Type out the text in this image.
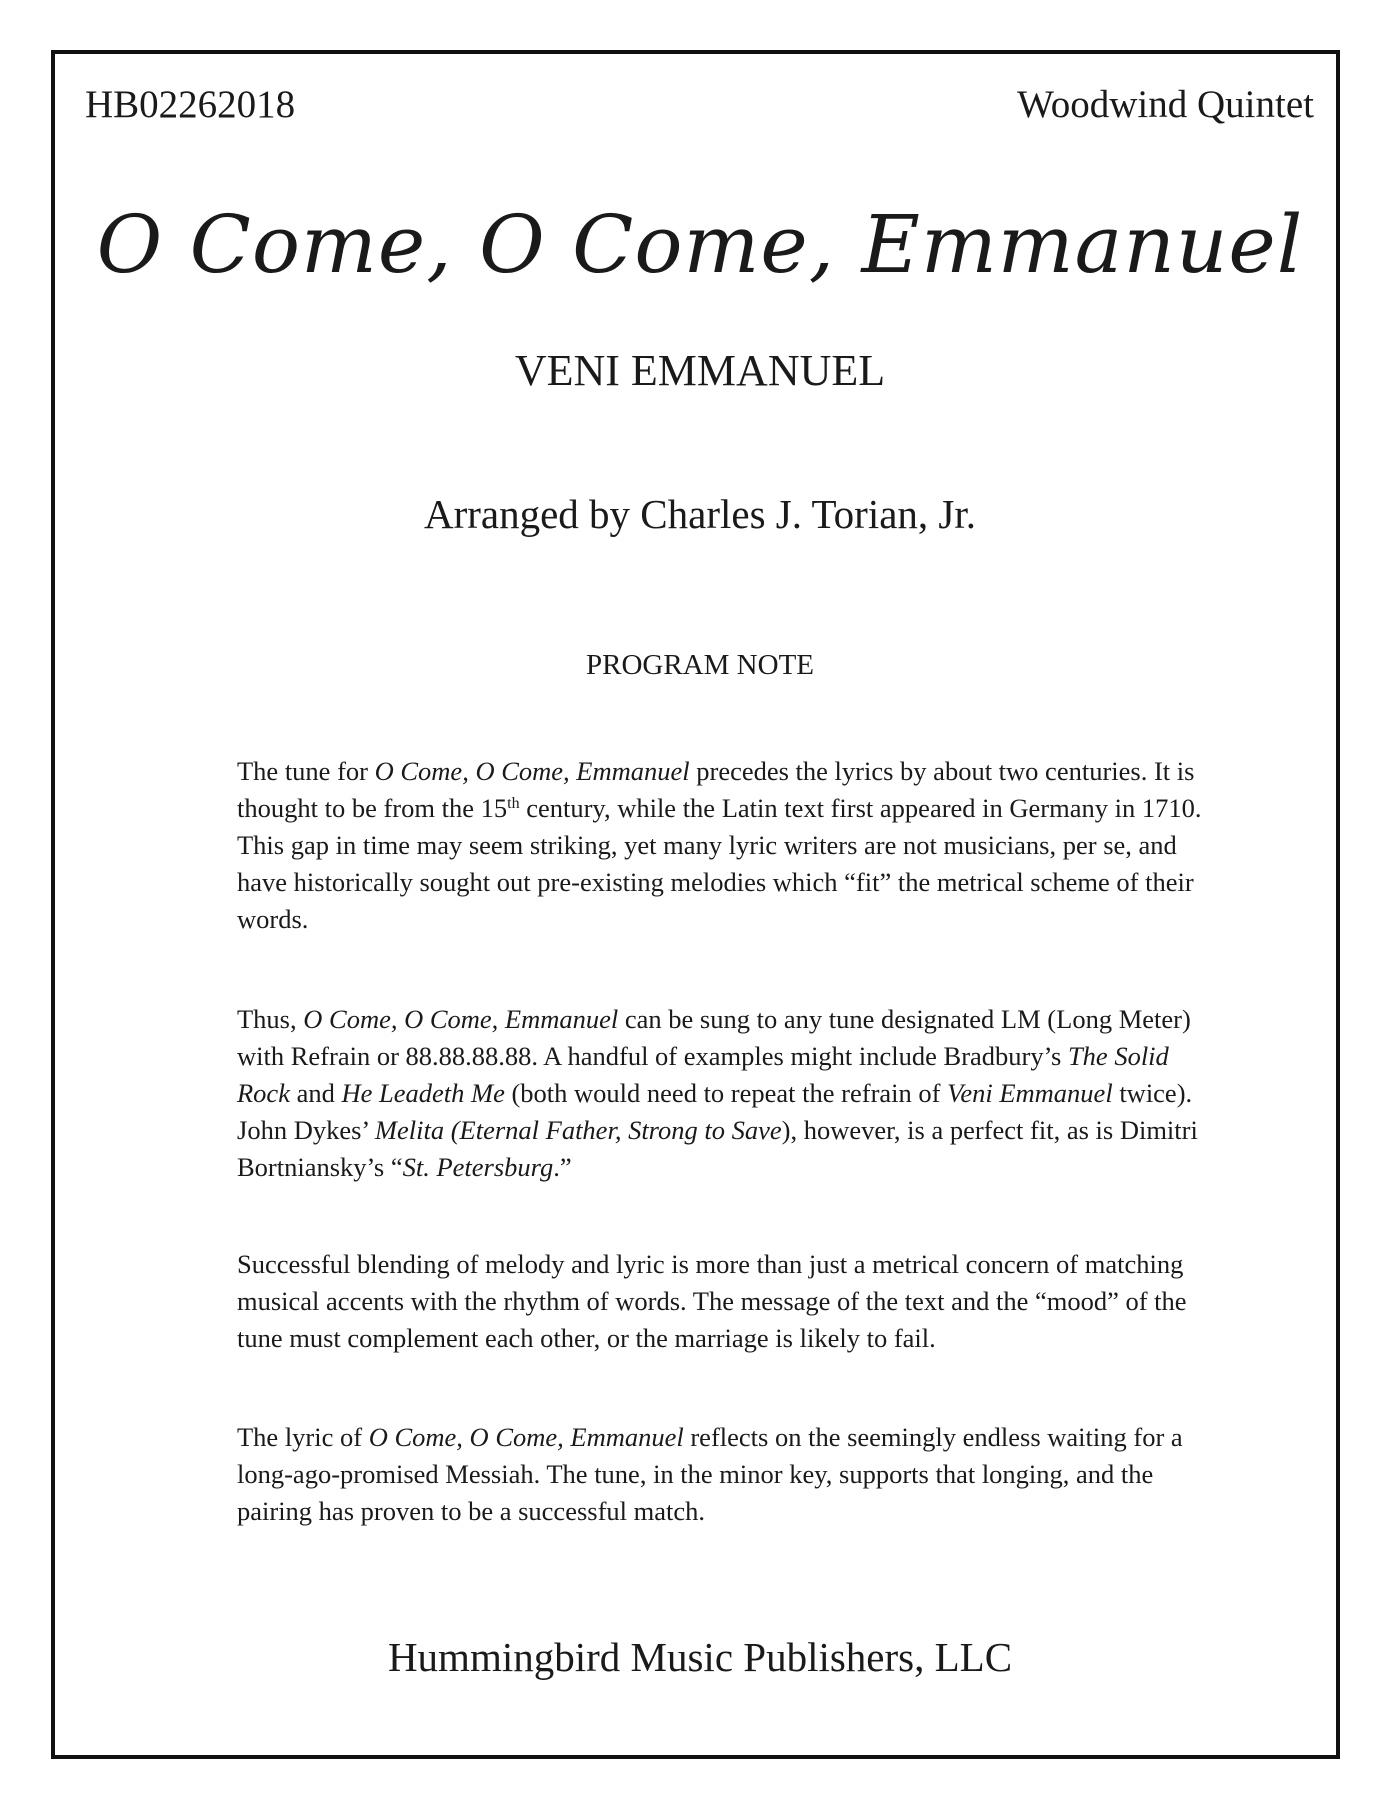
HB02262018	Woodwind Quintet
O Come, O Come, Emmanuel
VENI EMMANUEL
Arranged by Charles J. Torian, Jr.
PROGRAM NOTE

The tune for O Come, O Come, Emmanuel precedes the lyrics by about two centuries. It is thought to be from the 15th century, while the Latin text first appeared in Germany in 1710. This gap in time may seem striking, yet many lyric writers are not musicians, per se, and have historically sought out pre-existing melodies which “fit” the metrical scheme of their words.

Thus, O Come, O Come, Emmanuel can be sung to any tune designated LM (Long Meter) with Refrain or 88.88.88.88. A handful of examples might include Bradbury’s The Solid Rock and He Leadeth Me (both would need to repeat the refrain of Veni Emmanuel twice). John Dykes’ Melita (Eternal Father, Strong to Save), however, is a perfect fit, as is Dimitri Bortniansky’s “St. Petersburg.”

Successful blending of melody and lyric is more than just a metrical concern of matching musical accents with the rhythm of words. The message of the text and the “mood” of the tune must complement each other, or the marriage is likely to fail.

The lyric of O Come, O Come, Emmanuel reflects on the seemingly endless waiting for a long-ago-promised Messiah. The tune, in the minor key, supports that longing, and the pairing has proven to be a successful match.

Hummingbird Music Publishers, LLC
